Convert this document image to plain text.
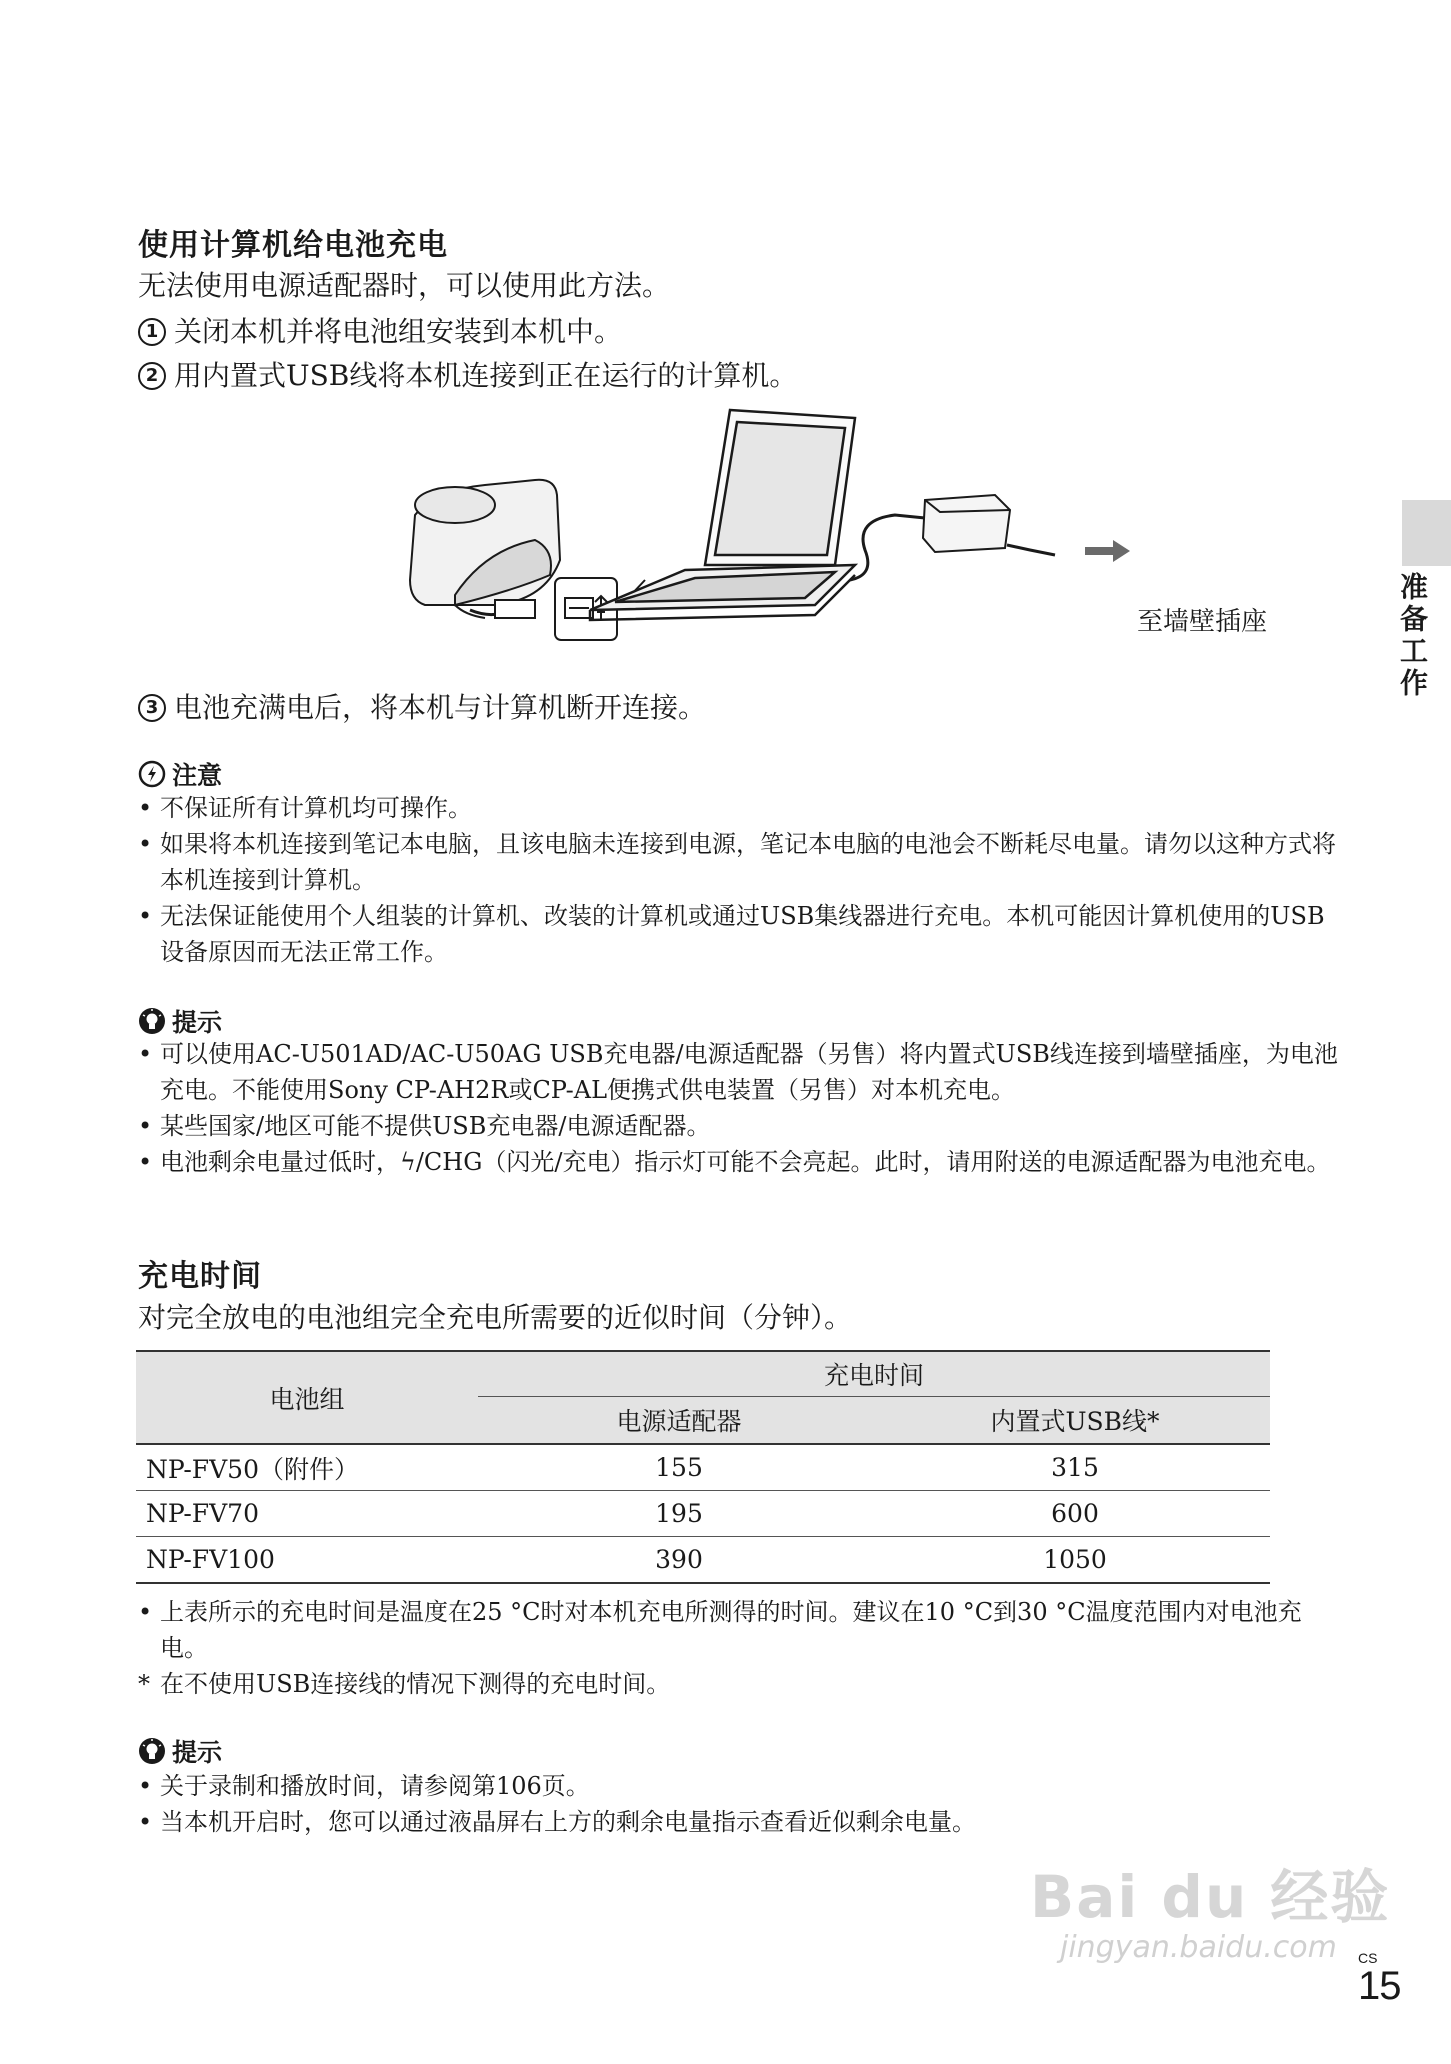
使用计算机给电池充电
无法使用电源适配器时，可以使用此方法。
1 关闭本机并将电池组安装到本机中。
2 用内置式USB线将本机连接到正在运行的计算机。
至墙壁插座
3 电池充满电后，将本机与计算机断开连接。
准备工作
注意
• 不保证所有计算机均可操作。
• 如果将本机连接到笔记本电脑，且该电脑未连接到电源，笔记本电脑的电池会不断耗尽电量。请勿以这种方式将本机连接到计算机。
• 无法保证能使用个人组装的计算机、改装的计算机或通过USB集线器进行充电。本机可能因计算机使用的USB设备原因而无法正常工作。
提示
• 可以使用AC-U501AD/AC-U50AG USB充电器/电源适配器（另售）将内置式USB线连接到墙壁插座，为电池充电。不能使用Sony CP-AH2R或CP-AL便携式供电装置（另售）对本机充电。
• 某些国家/地区可能不提供USB充电器/电源适配器。
• 电池剩余电量过低时，ϟ/CHG（闪光/充电）指示灯可能不会亮起。此时，请用附送的电源适配器为电池充电。
充电时间
对完全放电的电池组完全充电所需要的近似时间（分钟）。
电池组	充电时间	
	电源适配器	内置式USB线*
NP-FV50（附件）	155	315
NP-FV70	195	600
NP-FV100	390	1050
• 上表所示的充电时间是温度在25 °C时对本机充电所测得的时间。建议在10 °C到30 °C温度范围内对电池充电。
* 在不使用USB连接线的情况下测得的充电时间。
提示
• 关于录制和播放时间，请参阅第106页。
• 当本机开启时，您可以通过液晶屏右上方的剩余电量指示查看近似剩余电量。
Bai du 经验
jingyan.baidu.com CS
15
